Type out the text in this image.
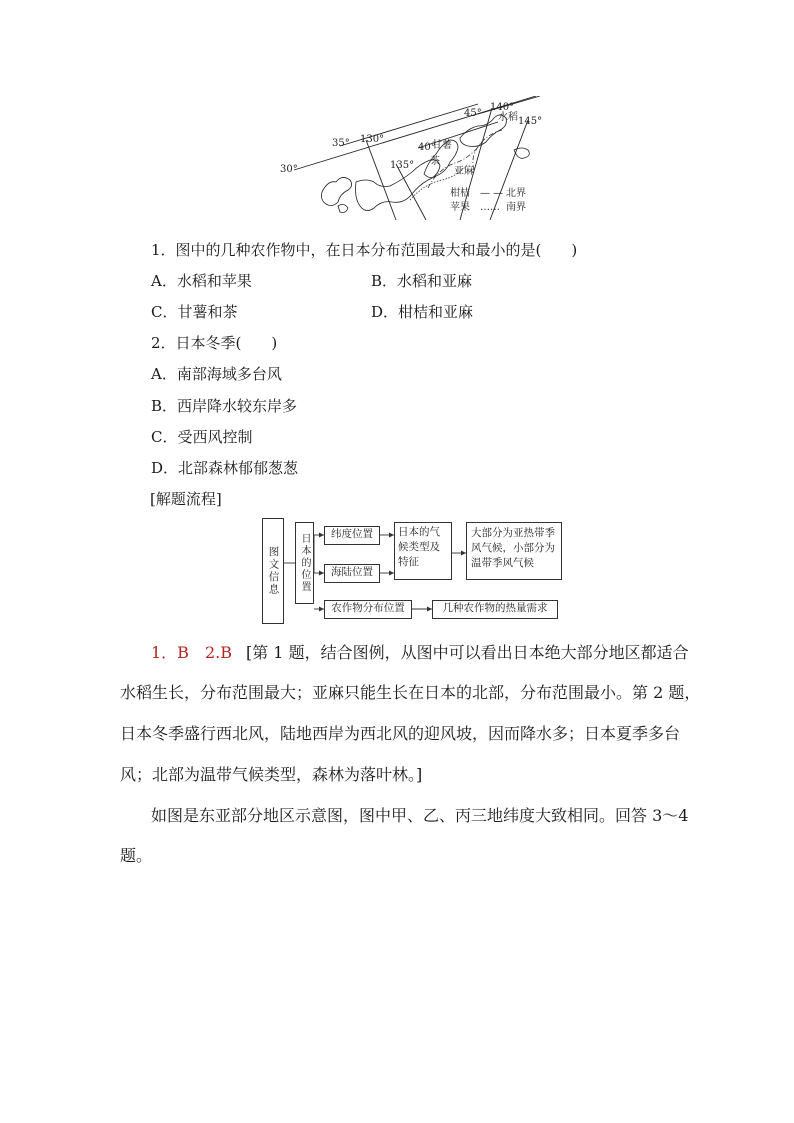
30°
35°	40°
45°
130°
135°
140°
145°
甘薯
茶
水稻
亚麻
柑桔
苹果
— — 北界
…… 南界
1．图中的几种农作物中，在日本分布范围最大和最小的是(　　)
A．水稻和苹果	B．水稻和亚麻
C．甘薯和茶	D．柑桔和亚麻
2．日本冬季(　　)
A．南部海域多台风
B．西岸降水较东岸多
C．受西风控制
D．北部森林郁郁葱葱
[解题流程]
图文信息	日本的位置	纬度位置
海陆位置
农作物分布位置
日本的气候类型及特征
大部分为亚热带季风气候，小部分为温带季风气候
几种农作物的热量需求
1．B　2.B [第 1 题，结合图例，从图中可以看出日本绝大部分地区都适合
水稻生长，分布范围最大；亚麻只能生长在日本的北部，分布范围最小。第 2 题，
日本冬季盛行西北风，陆地西岸为西北风的迎风坡，因而降水多；日本夏季多台
风；北部为温带气候类型，森林为落叶林。]
如图是东亚部分地区示意图，图中甲、乙、丙三地纬度大致相同。回答 3～4
题。
